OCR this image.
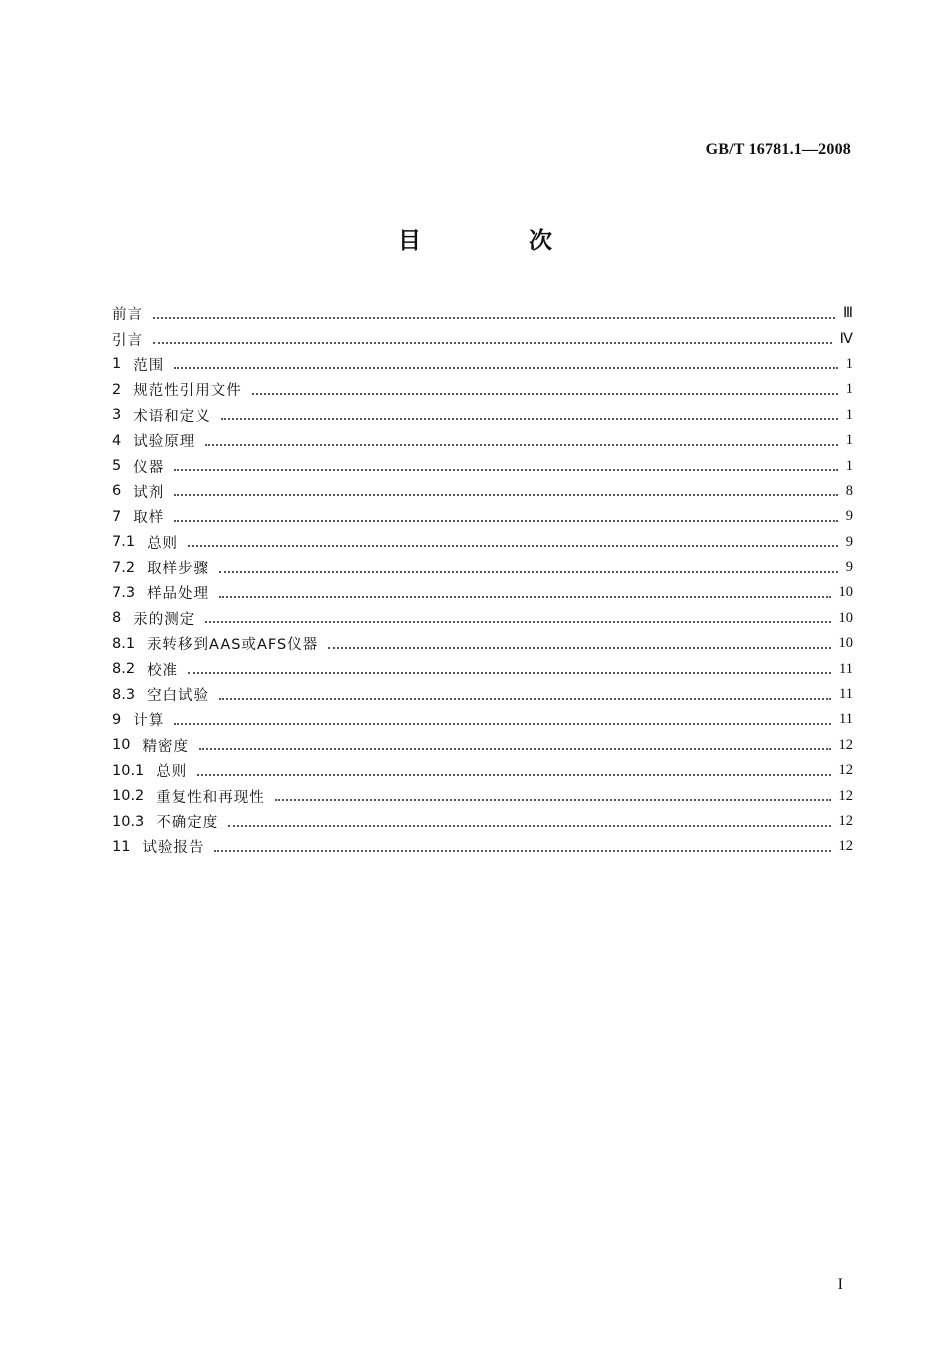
GB/T 16781.1—2008
目 次
前言	Ⅲ
引言	Ⅳ
1 范围	1
2 规范性引用文件	1
3 术语和定义	1
4 试验原理	1
5 仪器	1
6 试剂	8
7 取样	9
7.1 总则	9
7.2 取样步骤	9
7.3 样品处理	10
8 汞的测定	10
8.1 汞转移到AAS或AFS仪器	10
8.2 校准	11
8.3 空白试验	11
9 计算	11
10 精密度	12
10.1 总则	12
10.2 重复性和再现性	12
10.3 不确定度	12
11 试验报告	12
I
